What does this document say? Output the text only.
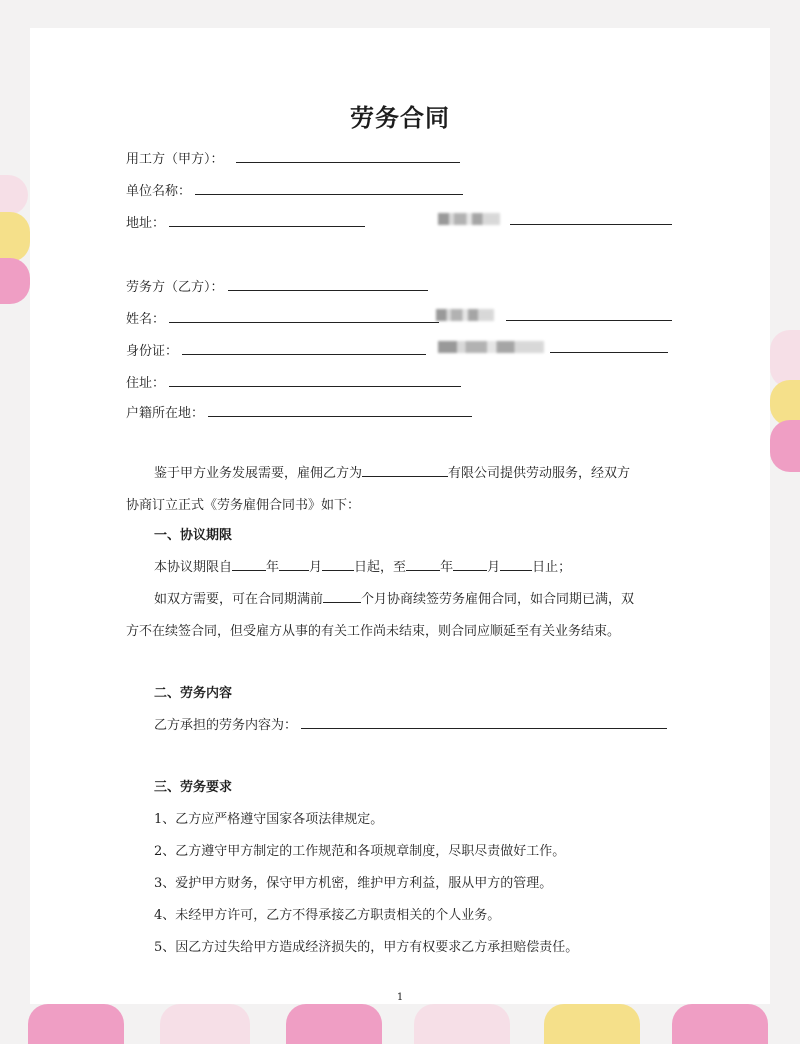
劳务合同
用工方（甲方）：
单位名称：
地址：
劳务方（乙方）：
姓名：
身份证：
住址：
户籍所在地：
鉴于甲方业务发展需要，雇佣乙方为	有限公司提供劳动服务，经双方
协商订立正式《劳务雇佣合同书》如下：
一、协议期限
本协议期限自	年 月 日起，至	年	月 日止；
如双方需要，可在合同期满前	个月协商续签劳务雇佣合同，如合同期已满，双
方不在续签合同，但受雇方从事的有关工作尚未结束，则合同应顺延至有关业务结束。
二、劳务内容
乙方承担的劳务内容为：
三、劳务要求
1、乙方应严格遵守国家各项法律规定。
2、乙方遵守甲方制定的工作规范和各项规章制度，尽职尽责做好工作。
3、爱护甲方财务，保守甲方机密，维护甲方利益，服从甲方的管理。
4、未经甲方许可，乙方不得承接乙方职责相关的个人业务。
5、因乙方过失给甲方造成经济损失的，甲方有权要求乙方承担赔偿责任。
1
